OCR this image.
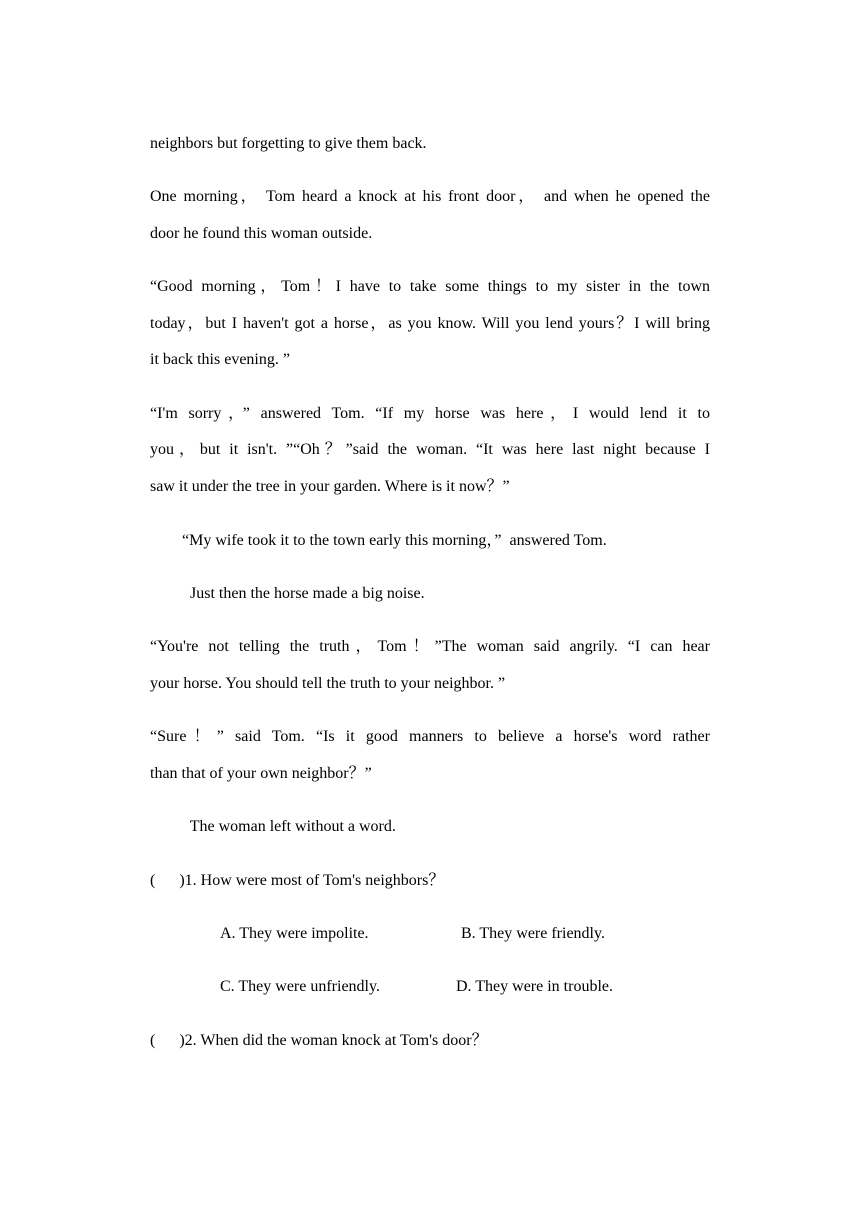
neighbors but forgetting to give them back.
One morning， Tom heard a knock at his front door， and when he opened the
door he found this woman outside.
“Good morning，Tom！I have to take some things to my sister in the town
today，but I haven't got a horse，as you know. Will you lend yours？I will bring
it back this evening. ”
“I'm sorry，” answered Tom. “If my horse was here，I would lend it to
you，but it isn't. ”“Oh？”said the woman. “It was here last night because I
saw it under the tree in your garden. Where is it now？”
“My wife took it to the town early this morning，”  answered Tom.
Just then the horse made a big noise.
“You're not telling the truth，Tom！”The woman said angrily. “I can hear
your horse. You should tell the truth to your neighbor. ”
“Sure！” said Tom. “Is it good manners to believe a horse's word rather
than that of your own neighbor？”
The woman left without a word.
(      )1. How were most of Tom's neighbors？
A. They were impolite.	B. They were friendly.
C. They were unfriendly.	D. They were in trouble.
(      )2. When did the woman knock at Tom's door？
